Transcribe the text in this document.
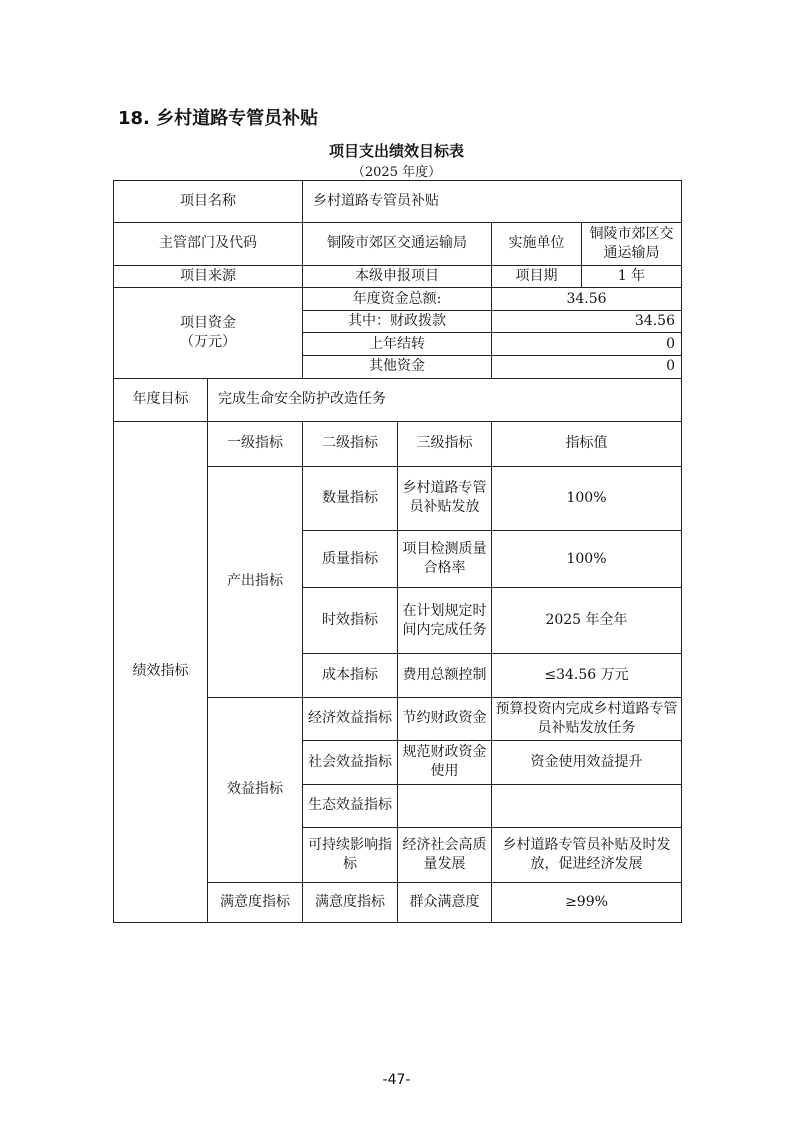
18. 乡村道路专管员补贴
项目支出绩效目标表
（2025 年度）
项目名称		乡村道路专管员补贴			
主管部门及代码		铜陵市郊区交通运输局		实施单位	铜陵市郊区交通运输局
项目来源		本级申报项目		项目期	1 年

项目资金
（万元）		年度资金总额:		34.56	
		其中：财政拨款		34.56	
		上年结转		0	
		其他资金		0	
年度目标	完成生命安全防护改造任务				
绩效指标	一级指标	二级指标	三级指标	指标值	
	产出指标	数量指标	乡村道路专管员补贴发放	100%	
		质量指标	项目检测质量合格率	100%	
		时效指标	在计划规定时间内完成任务	2025 年全年	
		成本指标	费用总额控制	≤34.56 万元	
	效益指标	经济效益指标	节约财政资金	预算投资内完成乡村道路专管员补贴发放任务	
		社会效益指标	规范财政资金使用	资金使用效益提升	
		生态效益指标			
		可持续影响指标	经济社会高质量发展	乡村道路专管员补贴及时发放，促进经济发展	
	满意度指标	满意度指标	群众满意度	≥99%	
-47-
